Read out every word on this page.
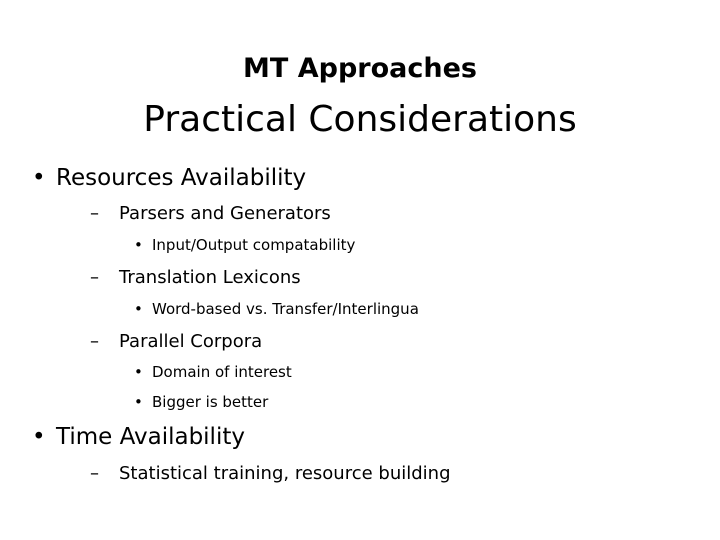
MT Approaches
Practical Considerations
• Resources Availability
– Parsers and Generators
• Input/Output compatability
– Translation Lexicons
• Word-based vs. Transfer/Interlingua
– Parallel Corpora
• Domain of interest
• Bigger is better
• Time Availability
– Statistical training, resource building
